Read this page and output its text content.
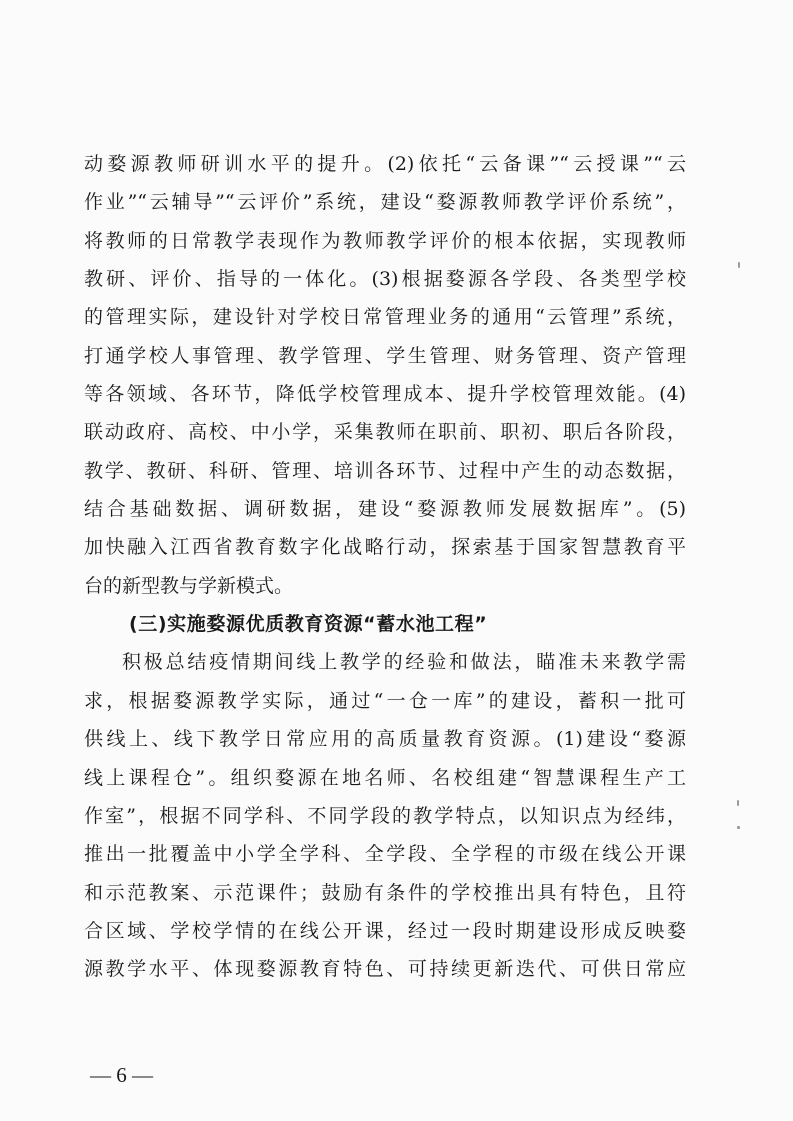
动婺源教师研训水平的提升。(2)依托“云备课”“云授课”“云
作业”“云辅导”“云评价”系统，建设“婺源教师教学评价系统”，
将教师的日常教学表现作为教师教学评价的根本依据，实现教师
教研、评价、指导的一体化。(3)根据婺源各学段、各类型学校
的管理实际，建设针对学校日常管理业务的通用“云管理”系统，
打通学校人事管理、教学管理、学生管理、财务管理、资产管理
等各领域、各环节，降低学校管理成本、提升学校管理效能。(4)
联动政府、高校、中小学，采集教师在职前、职初、职后各阶段，
教学、教研、科研、管理、培训各环节、过程中产生的动态数据，
结合基础数据、调研数据，建设“婺源教师发展数据库”。(5)
加快融入江西省教育数字化战略行动，探索基于国家智慧教育平
台的新型教与学新模式。
(三)实施婺源优质教育资源“蓄水池工程”
积极总结疫情期间线上教学的经验和做法，瞄准未来教学需
求，根据婺源教学实际，通过“一仓一库”的建设，蓄积一批可
供线上、线下教学日常应用的高质量教育资源。(1)建设“婺源
线上课程仓”。组织婺源在地名师、名校组建“智慧课程生产工
作室”，根据不同学科、不同学段的教学特点，以知识点为经纬，
推出一批覆盖中小学全学科、全学段、全学程的市级在线公开课
和示范教案、示范课件；鼓励有条件的学校推出具有特色，且符
合区域、学校学情的在线公开课，经过一段时期建设形成反映婺
源教学水平、体现婺源教育特色、可持续更新迭代、可供日常应
— 6 —
